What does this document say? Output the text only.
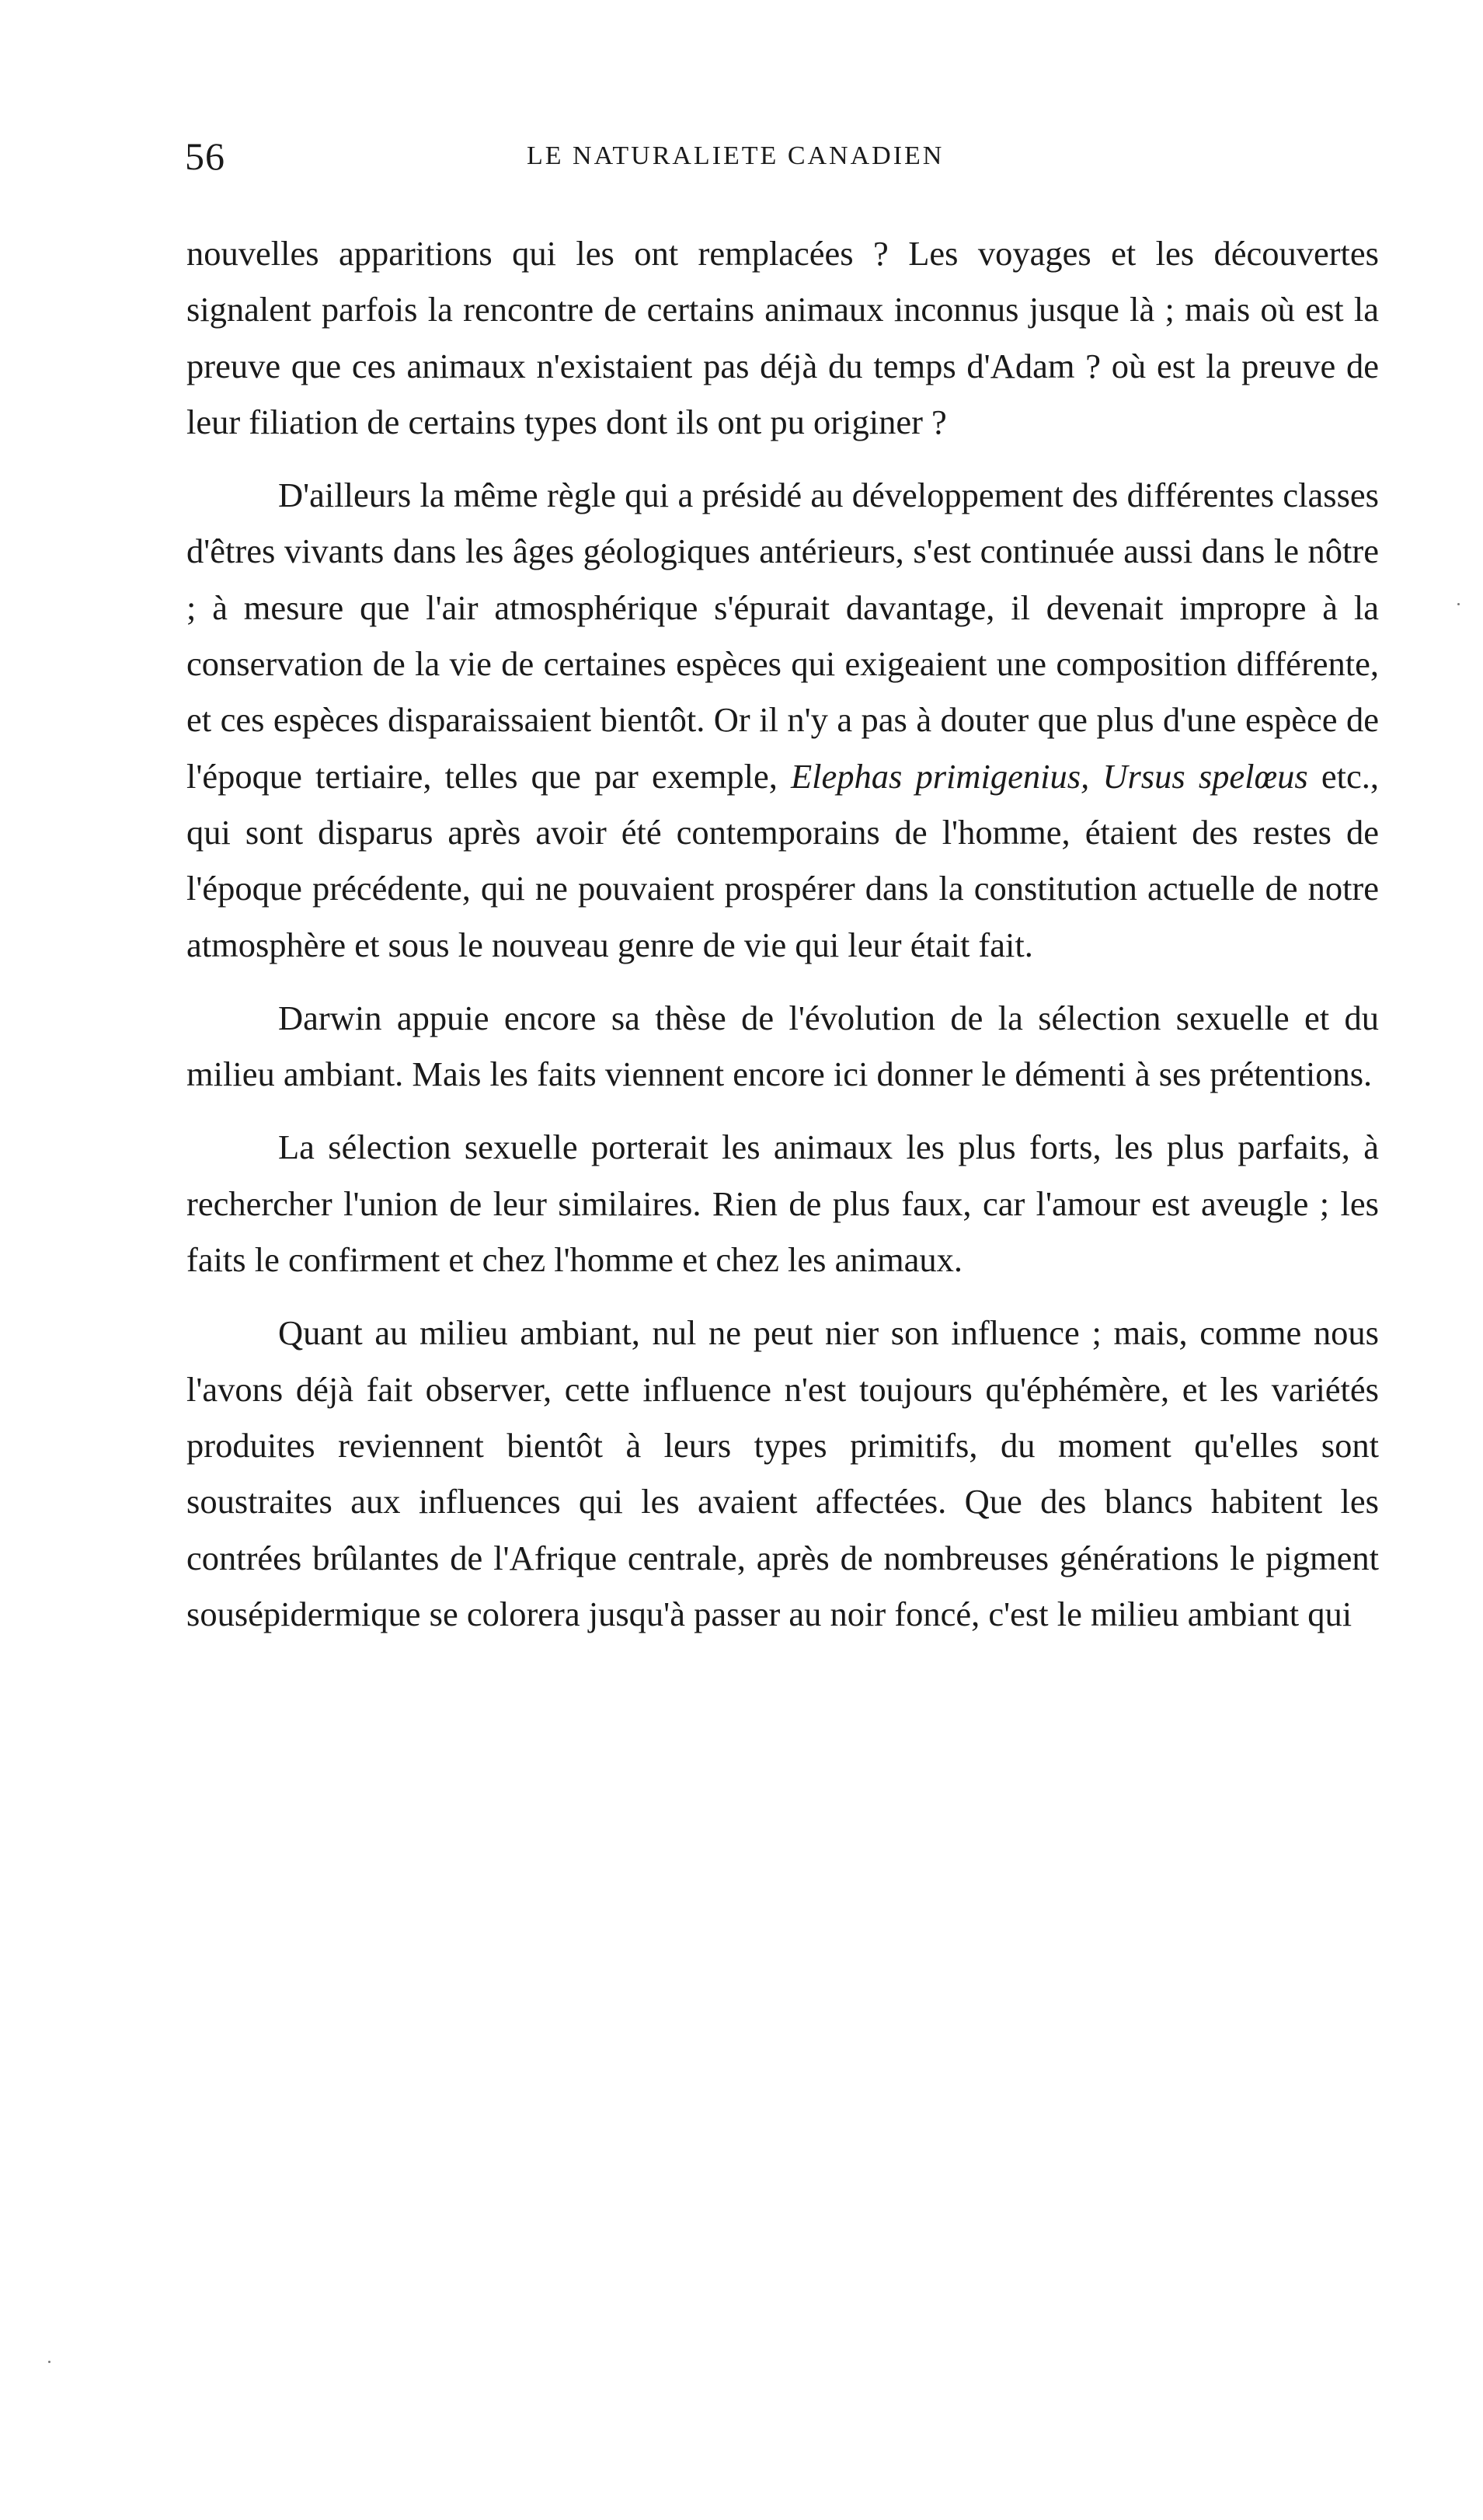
56	LE NATURALIETE CANADIEN

nouvelles apparitions qui les ont remplacées ? Les voyages et les découvertes signalent parfois la rencontre de certains animaux inconnus jusque là ; mais où est la preuve que ces animaux n'existaient pas déjà du temps d'Adam ? où est la preuve de leur filiation de certains types dont ils ont pu originer ?

D'ailleurs la même règle qui a présidé au développement des différentes classes d'êtres vivants dans les âges géologiques antérieurs, s'est continuée aussi dans le nôtre ; à mesure que l'air atmosphérique s'épurait davantage, il devenait impropre à la conservation de la vie de certaines espèces qui exigeaient une composition différente, et ces espèces disparaissaient bientôt. Or il n'y a pas à douter que plus d'une espèce de l'époque tertiaire, telles que par exemple, Elephas primigenius, Ursus spelœus etc., qui sont disparus après avoir été contemporains de l'homme, étaient des restes de l'époque précédente, qui ne pouvaient prospérer dans la constitution actuelle de notre atmosphère et sous le nouveau genre de vie qui leur était fait.

Darwin appuie encore sa thèse de l'évolution de la sélection sexuelle et du milieu ambiant. Mais les faits viennent encore ici donner le démenti à ses prétentions.

La sélection sexuelle porterait les animaux les plus forts, les plus parfaits, à rechercher l'union de leur similaires. Rien de plus faux, car l'amour est aveugle ; les faits le confirment et chez l'homme et chez les animaux.

Quant au milieu ambiant, nul ne peut nier son influence ; mais, comme nous l'avons déjà fait observer, cette influence n'est toujours qu'éphémère, et les variétés produites reviennent bientôt à leurs types primitifs, du moment qu'elles sont soustraites aux influences qui les avaient affectées. Que des blancs habitent les contrées brûlantes de l'Afrique centrale, après de nombreuses générations le pigment sousépidermique se colorera jusqu'à passer au noir foncé, c'est le milieu ambiant qui
